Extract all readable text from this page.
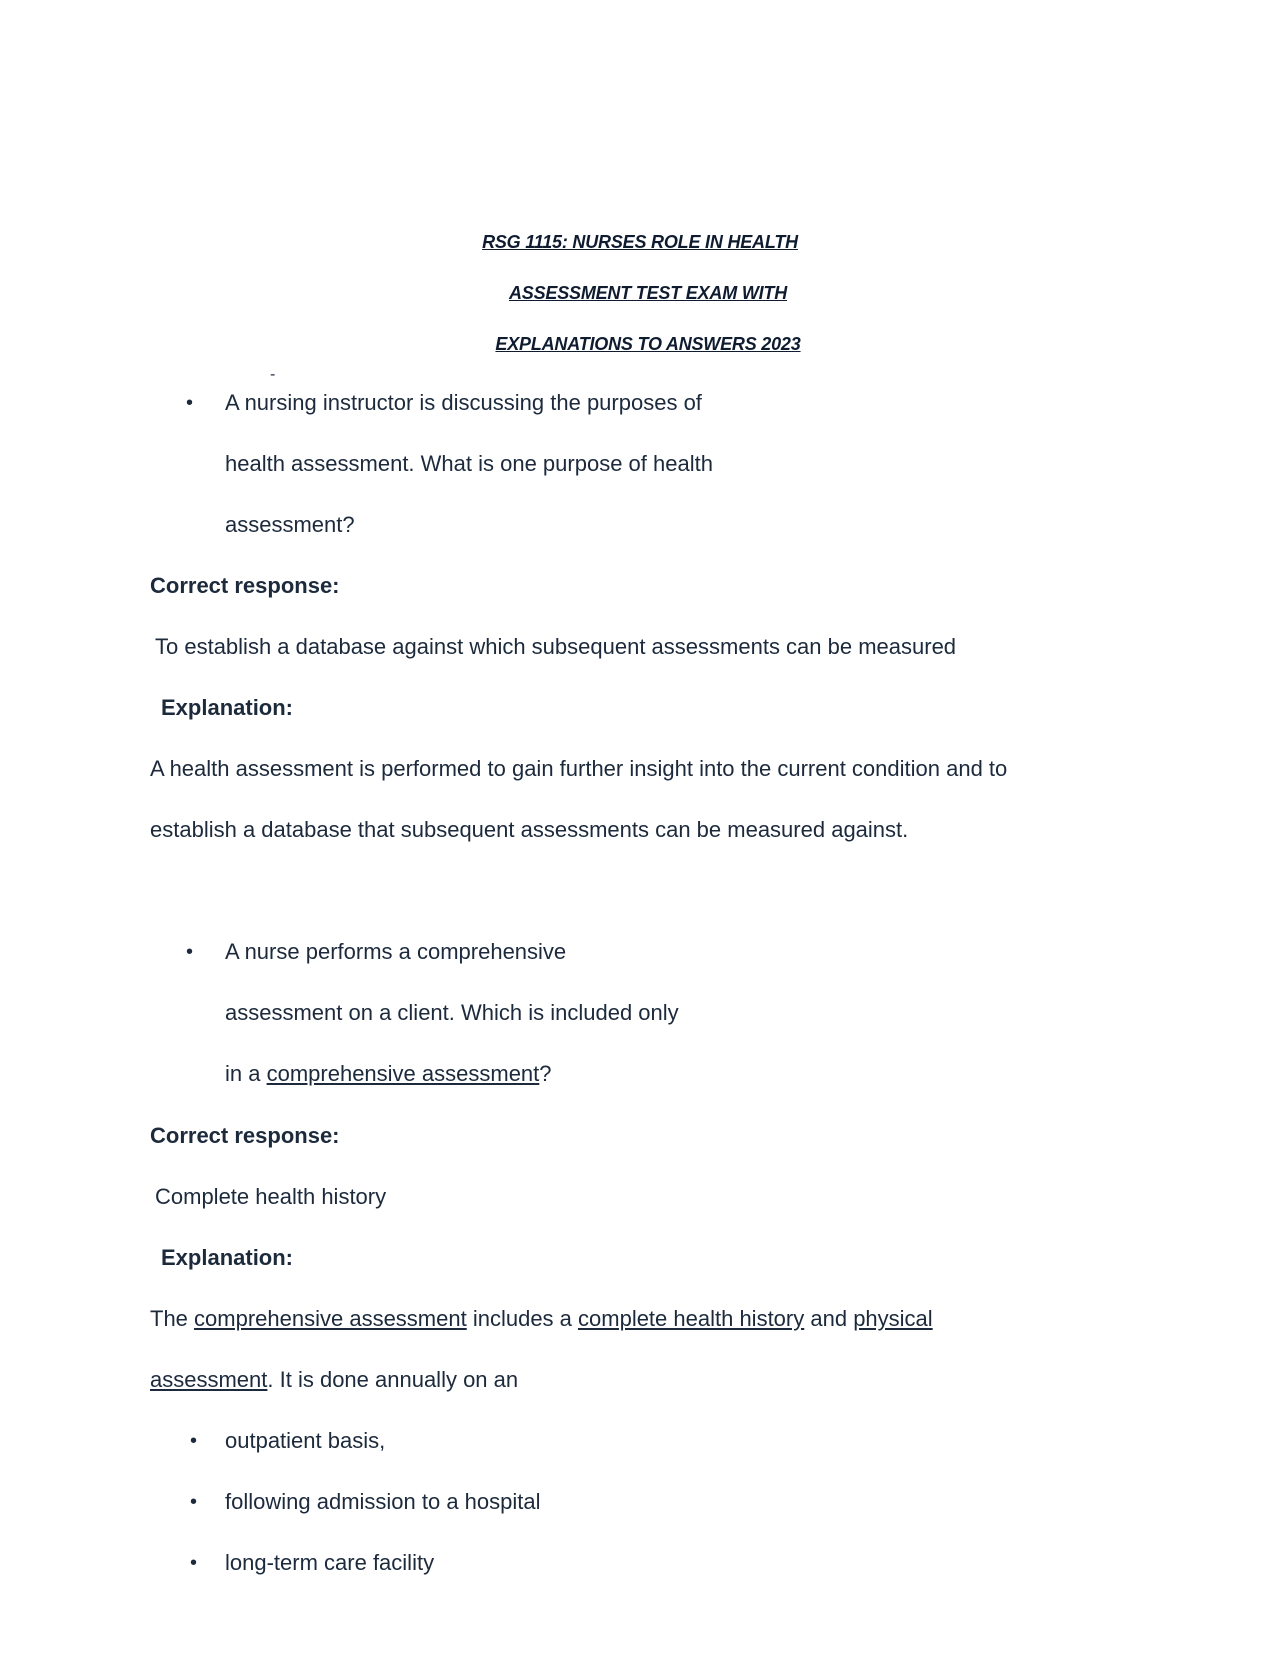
RSG 1115: NURSES ROLE IN HEALTH
ASSESSMENT TEST EXAM WITH
EXPLANATIONS TO ANSWERS 2023
-
• A nursing instructor is discussing the purposes of
health assessment. What is one purpose of health
assessment?
Correct response:
To establish a database against which subsequent assessments can be measured
Explanation:
A health assessment is performed to gain further insight into the current condition and to
establish a database that subsequent assessments can be measured against.
• A nurse performs a comprehensive
assessment on a client. Which is included only
in a comprehensive assessment?
Correct response:
Complete health history
Explanation:
The comprehensive assessment includes a complete health history and physical
assessment. It is done annually on an
• outpatient basis,
• following admission to a hospital
• long-term care facility
